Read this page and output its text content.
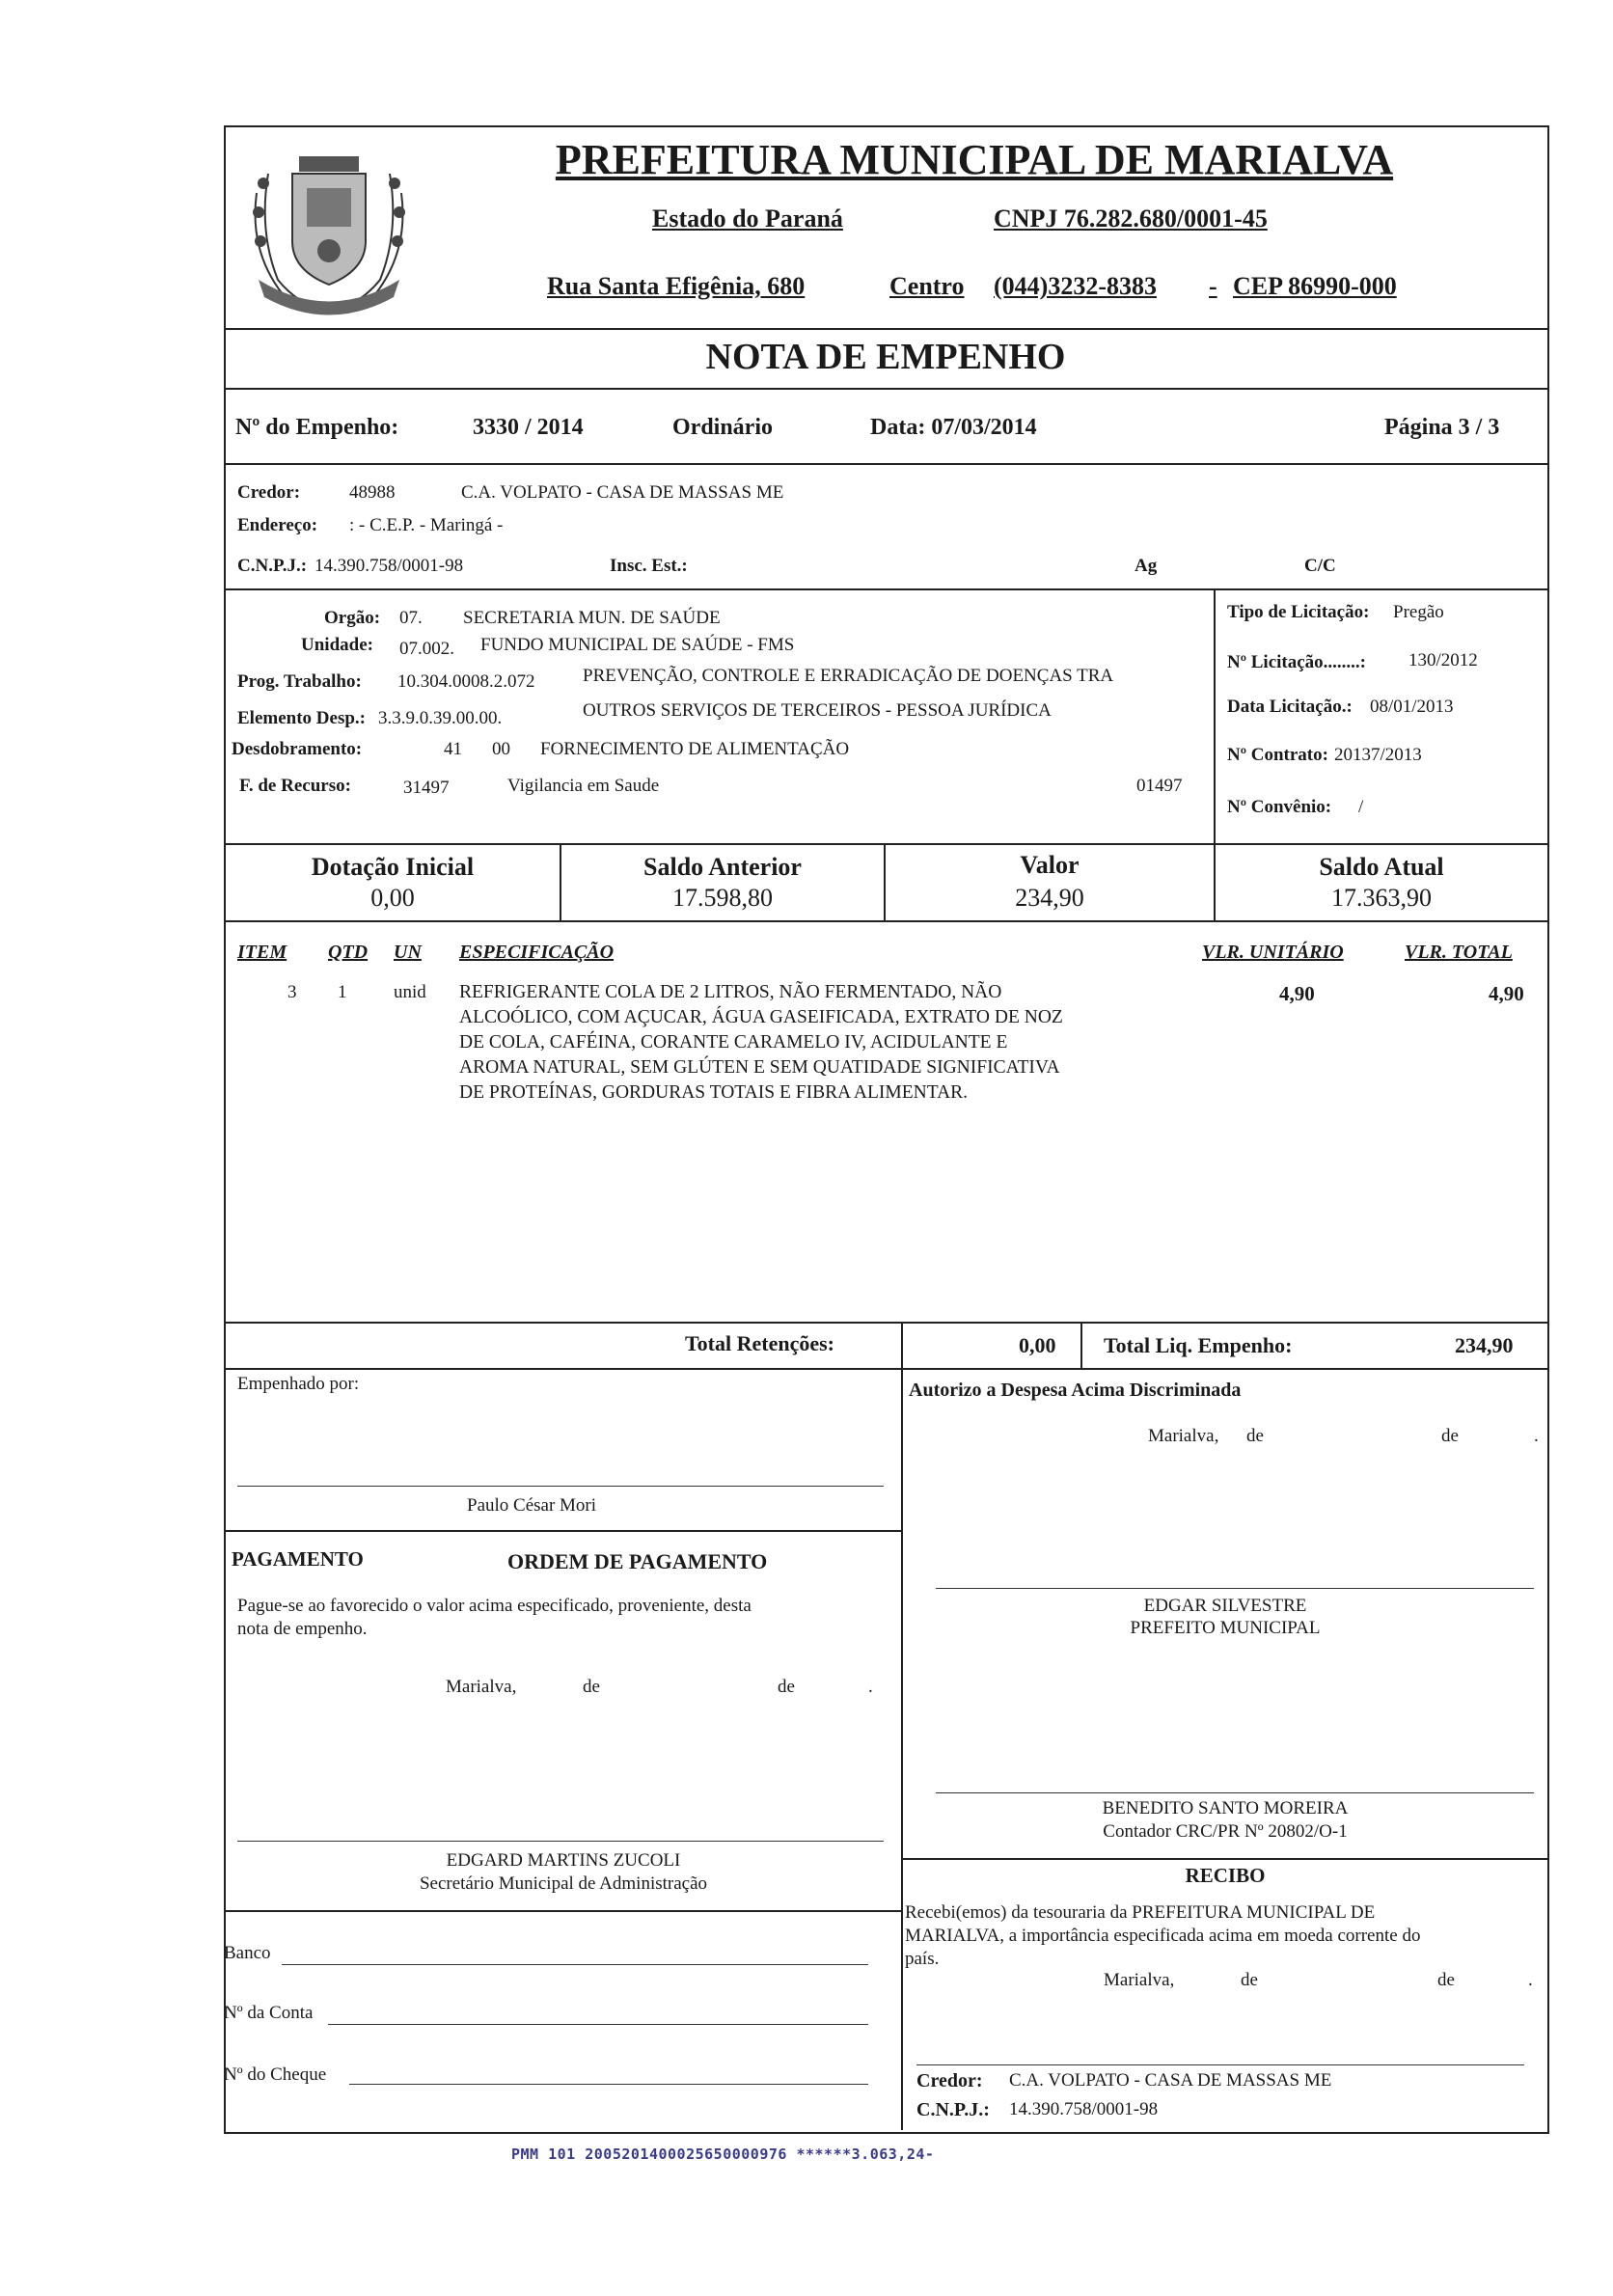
PREFEITURA MUNICIPAL DE MARIALVA
Estado do Paraná	CNPJ 76.282.680/0001-45
Rua Santa Efigênia, 680	Centro (044)3232-8383 - CEP 86990-000
NOTA DE EMPENHO
Nº do Empenho:	3330 / 2014	Ordinário	Data: 07/03/2014	Página 3 / 3
Credor:	48988	C.A. VOLPATO - CASA DE MASSAS ME
Endereço: : - C.E.P. - Maringá -
C.N.P.J.: 14.390.758/0001-98	Insc. Est.:	Ag	C/C
Orgão: 07. SECRETARIA MUN. DE SAÚDE
Unidade: 07.002. FUNDO MUNICIPAL DE SAÚDE - FMS
Prog. Trabalho: 10.304.0008.2.072	PREVENÇÃO, CONTROLE E ERRADICAÇÃO DE DOENÇAS TRA
Elemento Desp.: 3.3.9.0.39.00.00.	OUTROS SERVIÇOS DE TERCEIROS - PESSOA JURÍDICA
Desdobramento:	41 00 FORNECIMENTO DE ALIMENTAÇÃO
F. de Recurso:	31497	Vigilancia em Saude	01497
Tipo de Licitação: Pregão
Nº Licitação........: 130/2012
Data Licitação.: 08/01/2013
Nº Contrato: 20137/2013
Nº Convênio: /
Dotação Inicial
0,00
Saldo Anterior
17.598,80
Valor
234,90
Saldo Atual
17.363,90
ITEM QTD UN ESPECIFICAÇÃO	VLR. UNITÁRIO	VLR. TOTAL
3 1	unid REFRIGERANTE COLA DE 2 LITROS, NÃO FERMENTADO, NÃO
ALCOÓLICO, COM AÇUCAR, ÁGUA GASEIFICADA, EXTRATO DE NOZ
DE COLA, CAFÉINA, CORANTE CARAMELO IV, ACIDULANTE E
AROMA NATURAL, SEM GLÚTEN E SEM QUATIDADE SIGNIFICATIVA
DE PROTEÍNAS, GORDURAS TOTAIS E FIBRA ALIMENTAR.
4,90	4,90
Total Retenções:	0,00 Total Liq. Empenho:	234,90
Empenhado por:
Paulo César Mori
Autorizo a Despesa Acima Discriminada
Marialva, de	de	.
PAGAMENTO	ORDEM DE PAGAMENTO
Pague-se ao favorecido o valor acima especificado, proveniente, desta
nota de empenho.
Marialva,	de	de	.
EDGAR SILVESTRE
PREFEITO MUNICIPAL
BENEDITO SANTO MOREIRA
Contador CRC/PR Nº 20802/O-1
EDGARD MARTINS ZUCOLI
Secretário Municipal de Administração	RECIBO
Recebi(emos) da tesouraria da PREFEITURA MUNICIPAL DE
MARIALVA, a importância especificada acima em moeda corrente do
país.
Marialva,	de	de	.
Banco
Nº da Conta
Nº do Cheque	Credor: C.A. VOLPATO - CASA DE MASSAS ME
C.N.P.J.: 14.390.758/0001-98
PMM 101 2005201400025650000976 ******3.063,24-
